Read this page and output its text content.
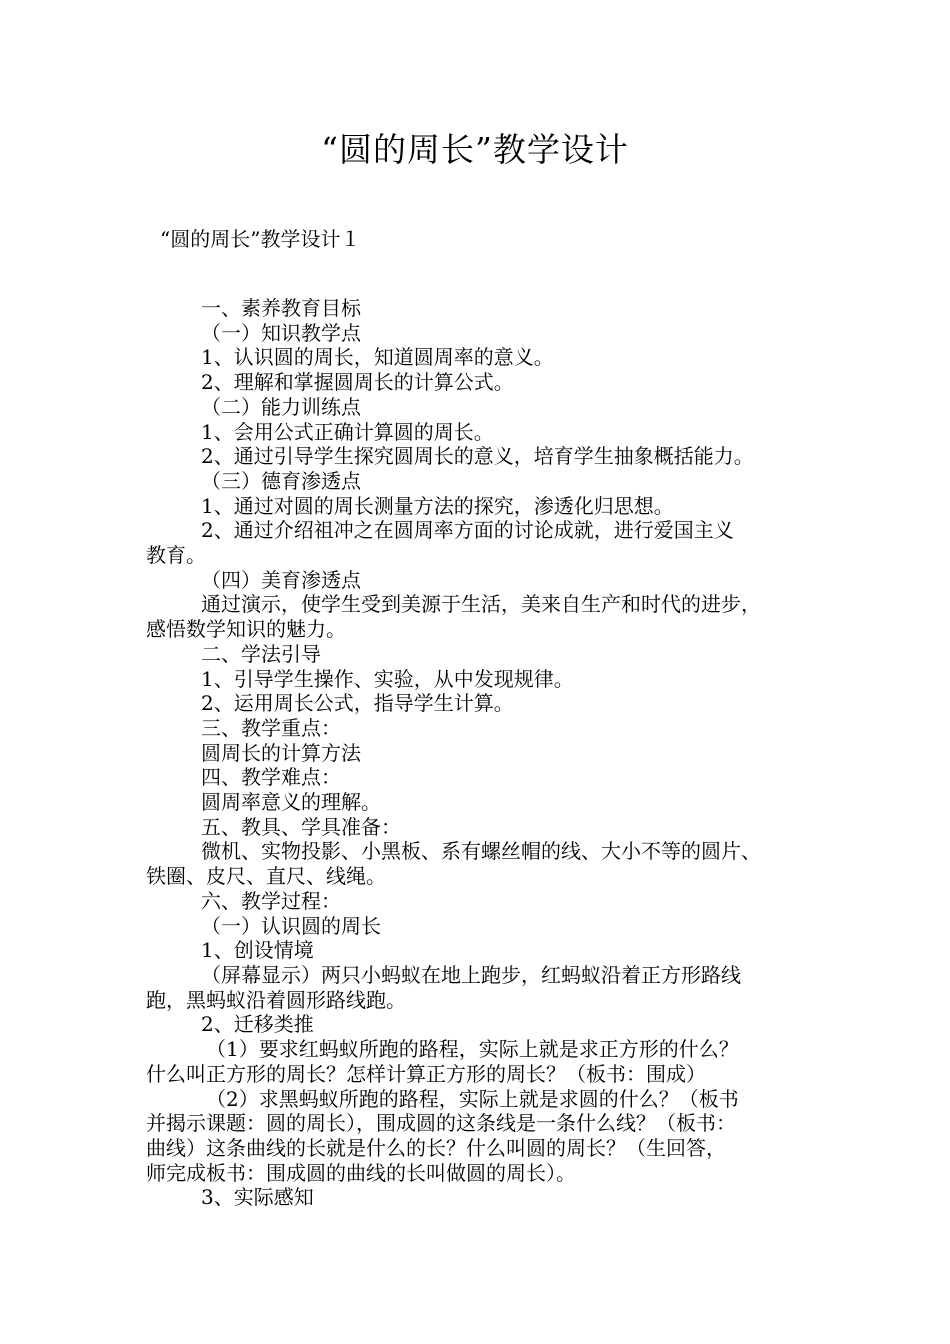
“圆的周长”教学设计
“圆的周长”教学设计１

一、素养教育目标

（一）知识教学点

1、认识圆的周长，知道圆周率的意义。

2、理解和掌握圆周长的计算公式。

（二）能力训练点

1、会用公式正确计算圆的周长。

2、通过引导学生探究圆周长的意义，培育学生抽象概括能力。

（三）德育渗透点

1、通过对圆的周长测量方法的探究，渗透化归思想。

2、通过介绍祖冲之在圆周率方面的讨论成就，进行爱国主义

教育。

（四）美育渗透点

通过演示，使学生受到美源于生活，美来自生产和时代的进步，

感悟数学知识的魅力。

二、学法引导

1、引导学生操作、实验，从中发现规律。

2、运用周长公式，指导学生计算。

三、教学重点：

圆周长的计算方法

四、教学难点：

圆周率意义的理解。

五、教具、学具准备：

微机、实物投影、小黑板、系有螺丝帽的线、大小不等的圆片、

铁圈、皮尺、直尺、线绳。

六、教学过程：

（一）认识圆的周长

1、创设情境

（屏幕显示）两只小蚂蚁在地上跑步，红蚂蚁沿着正方形路线

跑，黑蚂蚁沿着圆形路线跑。

2、迁移类推

（1）要求红蚂蚁所跑的路程，实际上就是求正方形的什么？

什么叫正方形的周长？怎样计算正方形的周长？（板书：围成）

（2）求黑蚂蚁所跑的路程，实际上就是求圆的什么？（板书

并揭示课题：圆的周长），围成圆的这条线是一条什么线？（板书：

曲线）这条曲线的长就是什么的长？什么叫圆的周长？（生回答，

师完成板书：围成圆的曲线的长叫做圆的周长）。

3、实际感知
